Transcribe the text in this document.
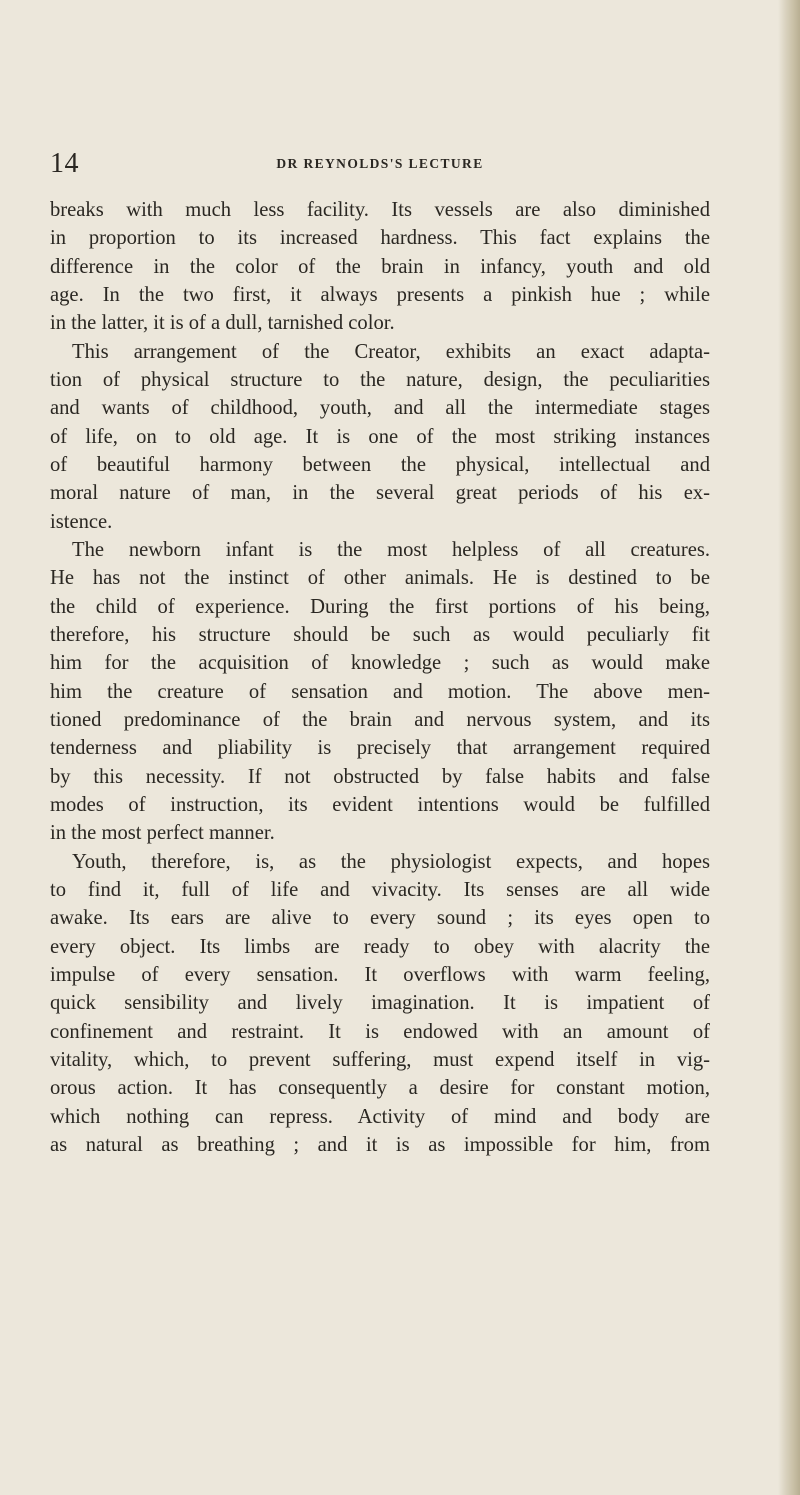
14	DR REYNOLDS'S LECTURE
breaks with much less facility. Its vessels are also diminished
in proportion to its increased hardness. This fact explains the
difference in the color of the brain in infancy, youth and old
age. In the two first, it always presents a pinkish hue ; while
in the latter, it is of a dull, tarnished color.
This arrangement of the Creator, exhibits an exact adapta-
tion of physical structure to the nature, design, the peculiarities
and wants of childhood, youth, and all the intermediate stages
of life, on to old age. It is one of the most striking instances
of beautiful harmony between the physical, intellectual and
moral nature of man, in the several great periods of his ex-
istence.
The newborn infant is the most helpless of all creatures.
He has not the instinct of other animals. He is destined to be
the child of experience. During the first portions of his being,
therefore, his structure should be such as would peculiarly fit
him for the acquisition of knowledge ; such as would make
him the creature of sensation and motion. The above men-
tioned predominance of the brain and nervous system, and its
tenderness and pliability is precisely that arrangement required
by this necessity. If not obstructed by false habits and false
modes of instruction, its evident intentions would be fulfilled
in the most perfect manner.
Youth, therefore, is, as the physiologist expects, and hopes
to find it, full of life and vivacity. Its senses are all wide
awake. Its ears are alive to every sound ; its eyes open to
every object. Its limbs are ready to obey with alacrity the
impulse of every sensation. It overflows with warm feeling,
quick sensibility and lively imagination. It is impatient of
confinement and restraint. It is endowed with an amount of
vitality, which, to prevent suffering, must expend itself in vig-
orous action. It has consequently a desire for constant motion,
which nothing can repress. Activity of mind and body are
as natural as breathing ; and it is as impossible for him, from
